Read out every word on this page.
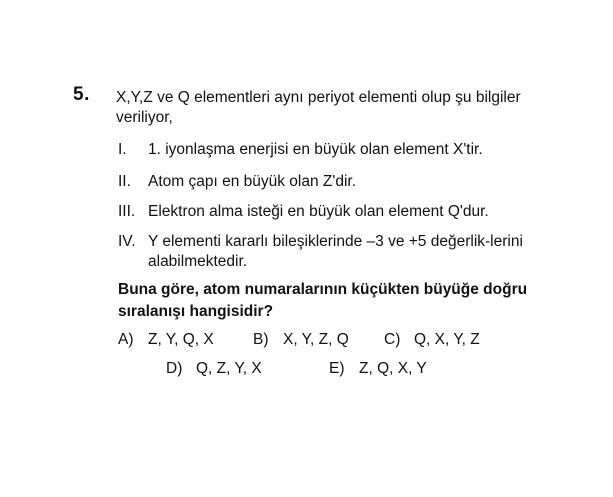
5. X,Y,Z ve Q elementleri aynı periyot elementi olup şu bilgiler veriliyor,
I.	1. iyonlaşma enerjisi en büyük olan element X'tir.
II.	Atom çapı en büyük olan Z'dir.
III. Elektron alma isteği en büyük olan element Q'dur.
IV. Y elementi kararlı bileşiklerinde –3 ve +5 değerlik-lerini alabilmektedir.
Buna göre, atom numaralarının küçükten büyüğe doğru sıralanışı hangisidir?
A) Z, Y, Q, X	B) X, Y, Z, Q C) Q, X, Y, Z
D) Q, Z, Y, X	E) Z, Q, X, Y
